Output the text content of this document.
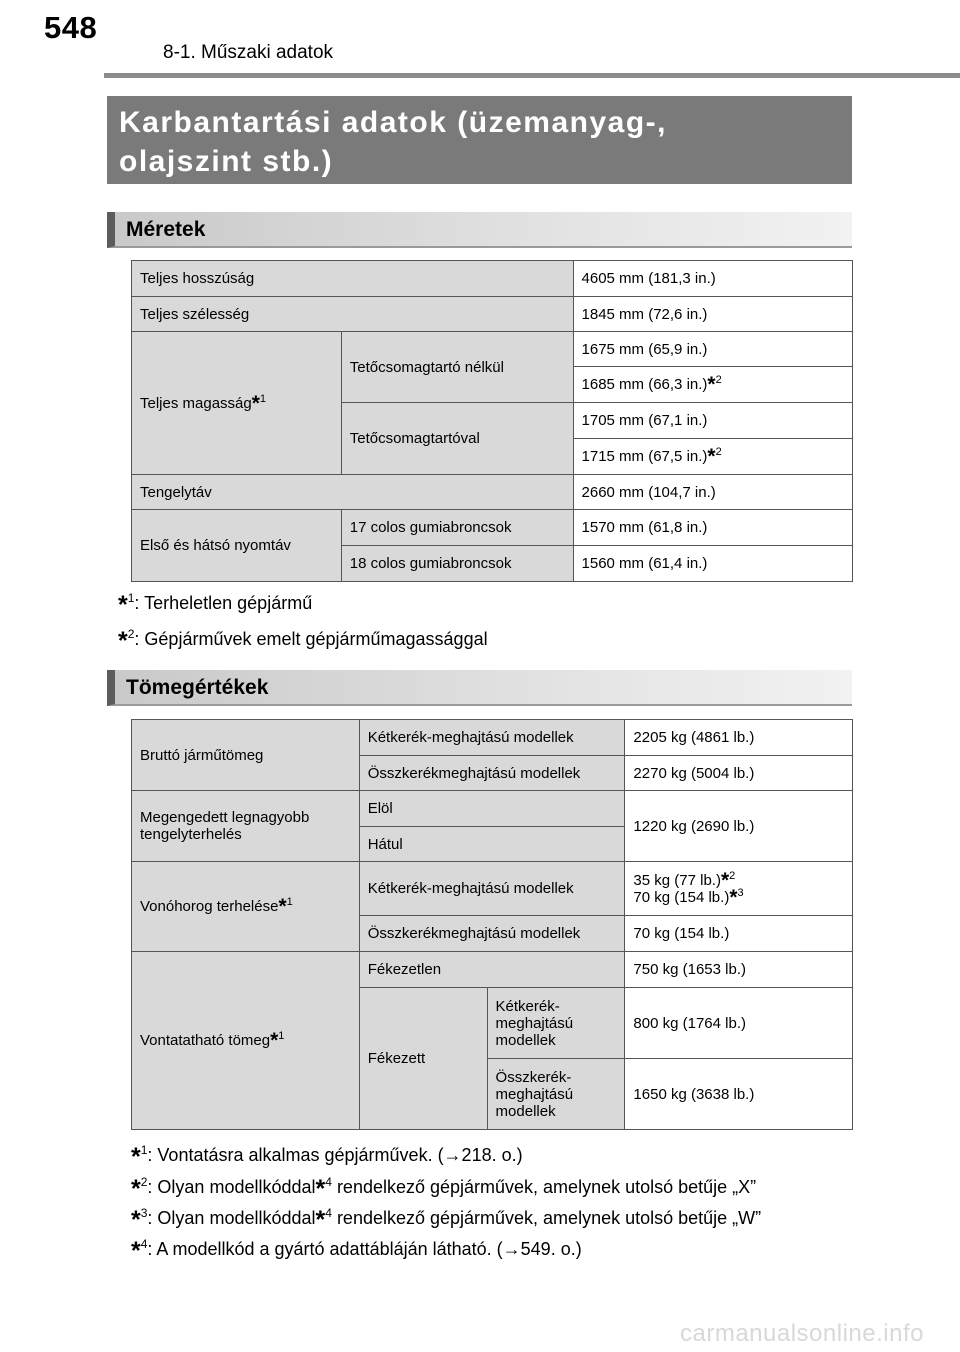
548
8-1. Műszaki adatok
Karbantartási adatok (üzemanyag-,
olajszint stb.)
Méretek
Teljes hosszúság		4605 mm (181,3 in.)
Teljes szélesség		1845 mm (72,6 in.)
Teljes magasság*$^1$	Tetőcsomagtartó nélkül	1675 mm (65,9 in.)
		1685 mm (66,3 in.)*$^2$
	Tetőcsomagtartóval	1705 mm (67,1 in.)
		1715 mm (67,5 in.)*$^2$
Tengelytáv		2660 mm (104,7 in.)
Első és hátsó nyomtáv	17 colos gumiabroncsok	1570 mm (61,8 in.)
	18 colos gumiabroncsok	1560 mm (61,4 in.)
*$^1$: Terheletlen gépjármű
*$^2$: Gépjárművek emelt gépjárműmagassággal
Tömegértékek
Bruttó járműtömeg	Kétkerék-meghajtású modellek		2205 kg (4861 lb.)
	Összkerékmeghajtású modellek		2270 kg (5004 lb.)
Megengedett legnagyobb tengelyterhelés	Elöl		1220 kg (2690 lb.)
	Hátul		
Vonóhorog terhelése*$^1$	Kétkerék-meghajtású modellek		35 kg (77 lb.)*$^2$
70 kg (154 lb.)*$^3$

	Összkerékmeghajtású modellek		70 kg (154 lb.)
Vontatatható tömeg*$^1$	Fékezetlen		750 kg (1653 lb.)
	Fékezett	Kétkerék-meghajtású modellek	800 kg (1764 lb.)
		Összkerék-meghajtású modellek	1650 kg (3638 lb.)
*$^1$: Vontatásra alkalmas gépjárművek. (→218. o.)
*$^2$: Olyan modellkóddal*$^4$ rendelkező gépjárművek, amelynek utolsó betűje „X”
*$^3$: Olyan modellkóddal*$^4$ rendelkező gépjárművek, amelynek utolsó betűje „W”
*$^4$: A modellkód a gyártó adattábláján látható. (→549. o.)
carmanualsonline.info
